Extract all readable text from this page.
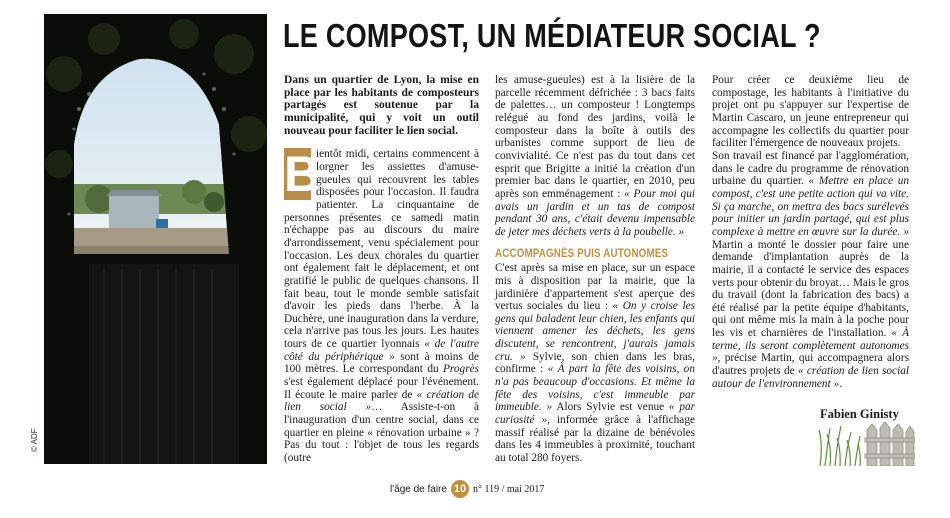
© ADF
LE COMPOST, UN MÉDIATEUR SOCIAL ?

Dans un quartier de Lyon, la mise en place par les habitants de composteurs partagés est soutenue par la municipalité, qui y voit un outil nouveau pour faciliter le lien social.

B
ientôt midi, certains commencent à lorgner les assiettes d'amuse-gueules qui recouvrent les tables disposées pour l'occasion. Il faudra patienter. La cinquantaine de personnes présentes ce samedi matin n'échappe pas au discours du maire d'arrondissement, venu spécialement pour l'occasion. Les deux chorales du quartier ont également fait le déplacement, et ont gratifié le public de quelques chansons. Il fait beau, tout le monde semble satisfait d'avoir les pieds dans l'herbe. À la Duchère, une inauguration dans la verdure, cela n'arrive pas tous les jours. Les hautes tours de ce quartier lyonnais « de l'autre côté du périphérique » sont à moins de 100 mètres. Le correspondant du Progrès s'est également déplacé pour l'événement. Il écoute le maire parler de « création de lien social »… Assiste-t-on à l'inauguration d'un centre social, dans ce quartier en pleine « rénovation urbaine » ? Pas du tout : l'objet de tous les regards (outre

les amuse-gueules) est à la lisière de la parcelle récemment défrichée : 3 bacs faits de palettes… un composteur ! Longtemps relégué au fond des jardins, voilà le composteur dans la boîte à outils des urbanistes comme support de lieu de convivialité. Ce n'est pas du tout dans cet esprit que Brigitte a initié la création d'un premier bac dans le quartier, en 2010, peu après son emménagement : « Pour moi qui avais un jardin et un tas de compost pendant 30 ans, c'était devenu impensable de jeter mes déchets verts à la poubelle. »

ACCOMPAGNÉS PUIS AUTONOMES

C'est après sa mise en place, sur un espace mis à disposition par la mairie, que la jardinière d'appartement s'est aperçue des vertus sociales du lieu : « On y croise les gens qui baladent leur chien, les enfants qui viennent amener les déchets, les gens discutent, se rencontrent, j'aurais jamais cru. » Sylvie, son chien dans les bras, confirme : « À part la fête des voisins, on n'a pas beaucoup d'occasions. Et même la fête des voisins, c'est immeuble par immeuble. » Alors Sylvie est venue « par curiosité », informée grâce à l'affichage massif réalisé par la dizaine de bénévoles dans les 4 immeubles à proximité, touchant au total 280 foyers.

Pour créer ce deuxième lieu de compostage, les habitants à l'initiative du projet ont pu s'appuyer sur l'expertise de Martin Cascaro, un jeune entrepreneur qui accompagne les collectifs du quartier pour faciliter l'émergence de nouveaux projets.

Son travail est financé par l'agglomération, dans le cadre du programme de rénovation urbaine du quartier. « Mettre en place un compost, c'est une petite action qui va vite. Si ça marche, on mettra des bacs surélevés pour initier un jardin partagé, qui est plus complexe à mettre en œuvre sur la durée. » Martin a monté le dossier pour faire une demande d'implantation auprès de la mairie, il a contacté le service des espaces verts pour obtenir du broyat… Mais le gros du travail (dont la fabrication des bacs) a été réalisé par la petite équipe d'habitants, qui ont même mis la main à la poche pour les vis et charnières de l'installation. « À terme, ils seront complètement autonomes », précise Martin, qui accompagnera alors d'autres projets de « création de lien social autour de l'environnement ».

Fabien Ginisty
l'âge de faire 10 n° 119 / mai 2017
